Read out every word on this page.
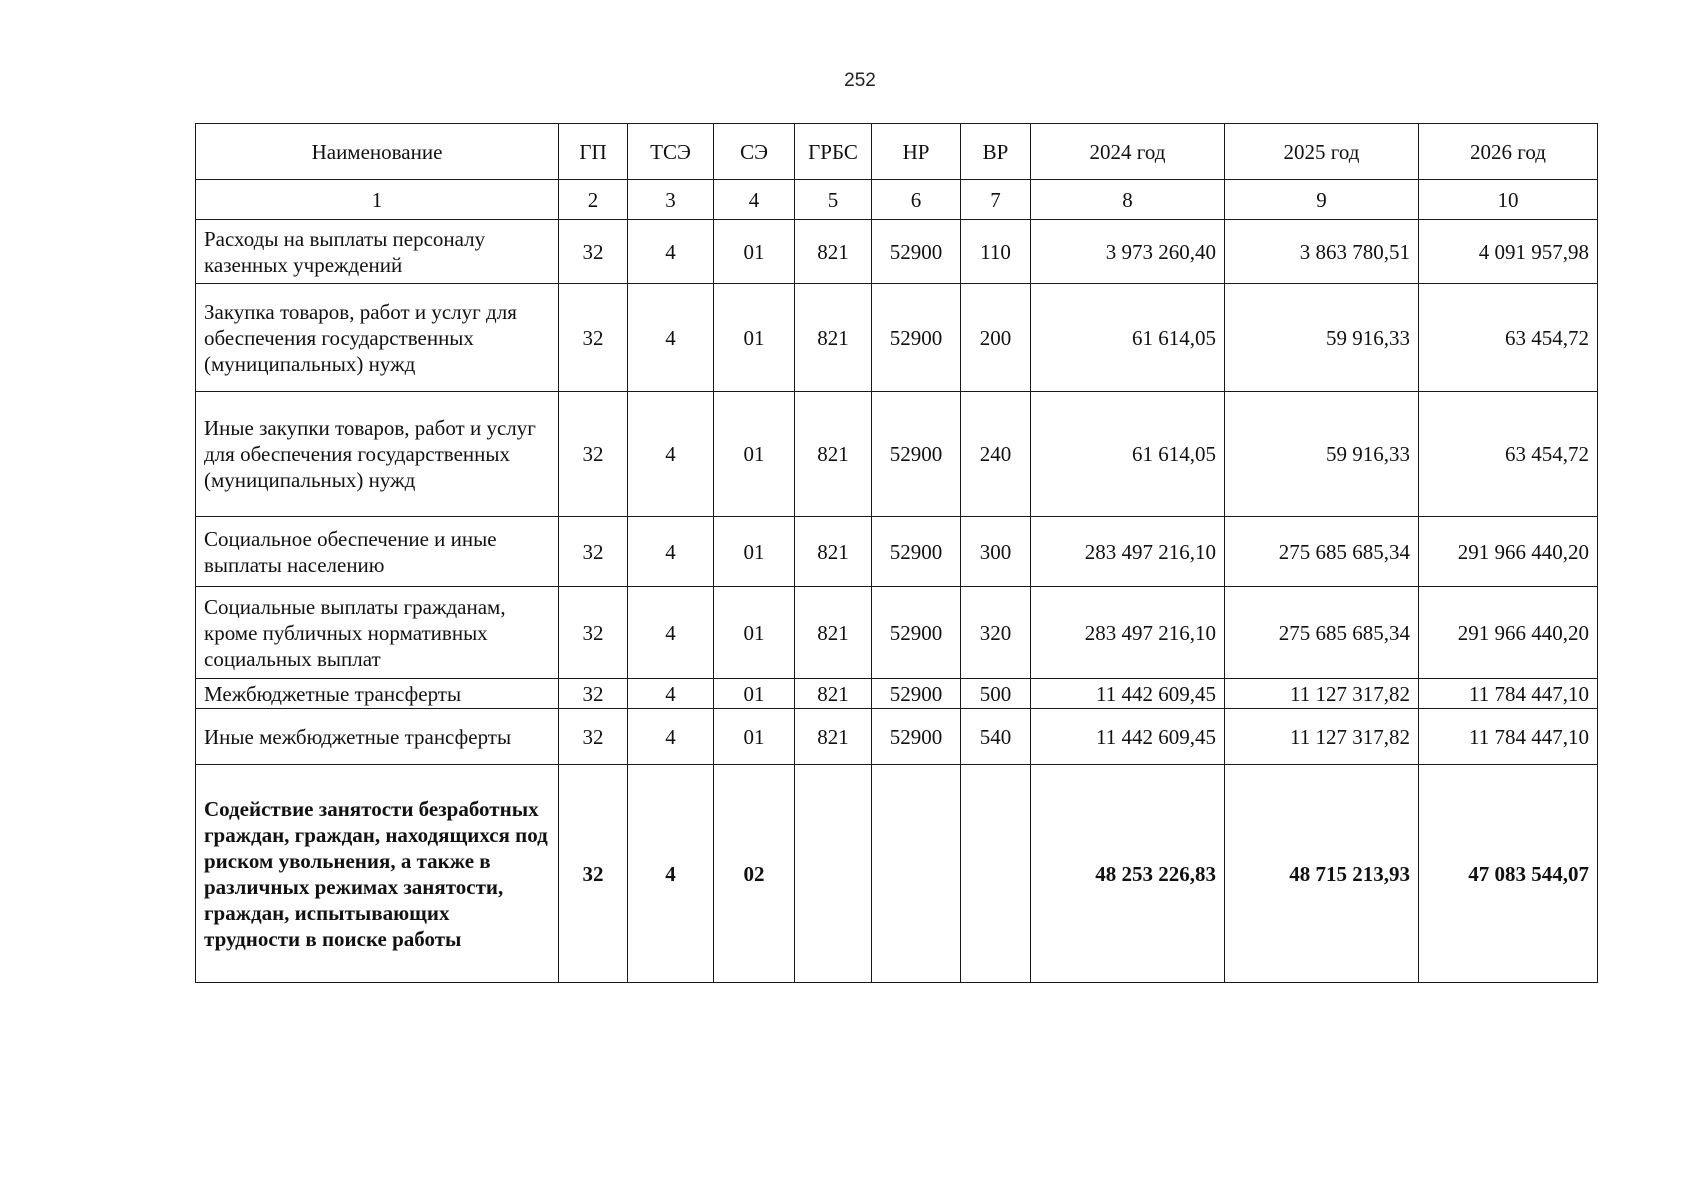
252
Наименование	ГП	ТСЭ	СЭ	ГРБС	НР	ВР	2024 год	2025 год	2026 год
1	2	3	4	5	6	7	8	9	10
Расходы на выплаты персоналу казенных учреждений	32	4	01	821	52900	110	3 973 260,40	3 863 780,51	4 091 957,98
Закупка товаров, работ и услуг для обеспечения государственных (муниципальных) нужд	32	4	01	821	52900	200	61 614,05	59 916,33	63 454,72
Иные закупки товаров, работ и услуг для обеспечения государственных (муниципальных) нужд	32	4	01	821	52900	240	61 614,05	59 916,33	63 454,72
Социальное обеспечение и иные выплаты населению	32	4	01	821	52900	300	283 497 216,10	275 685 685,34	291 966 440,20
Социальные выплаты гражданам, кроме публичных нормативных социальных выплат	32	4	01	821	52900	320	283 497 216,10	275 685 685,34	291 966 440,20
Межбюджетные трансферты	32	4	01	821	52900	500	11 442 609,45	11 127 317,82	11 784 447,10
Иные межбюджетные трансферты	32	4	01	821	52900	540	11 442 609,45	11 127 317,82	11 784 447,10
Содействие занятости безработных граждан, граждан, находящихся под риском увольнения, а также в различных режимах занятости, граждан, испытывающих трудности в поиске работы	32	4	02				48 253 226,83	48 715 213,93	47 083 544,07
